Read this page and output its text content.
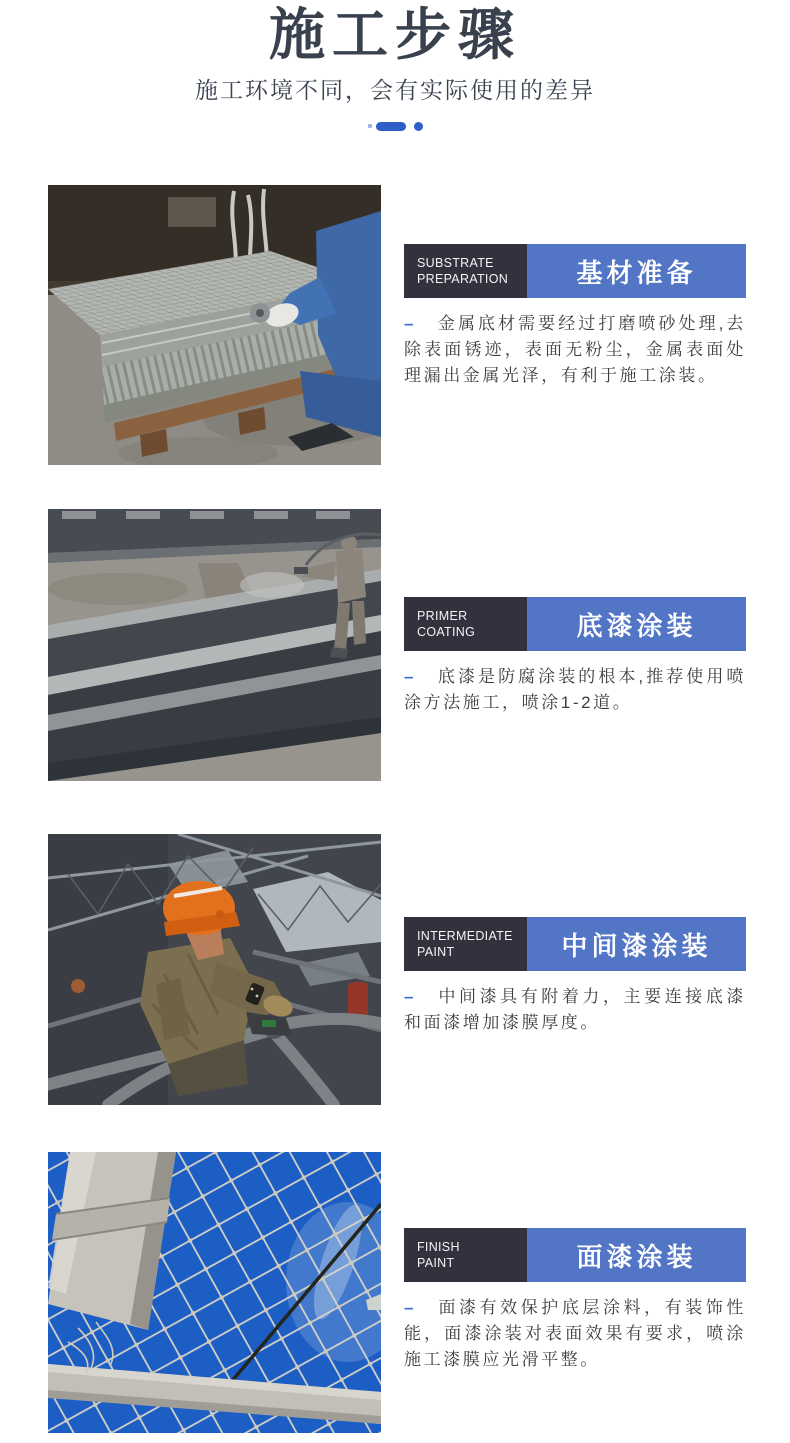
施工步骤
施工环境不同，会有实际使用的差异
SUBSTRATE
PREPARATION	基材准备

– 金属底材需要经过打磨喷砂处理,去除表面锈迹，表面无粉尘，金属表面处理漏出金属光泽，有利于施工涂装。

PRIMER
COATING	底漆涂装

– 底漆是防腐涂装的根本,推荐使用喷涂方法施工，喷涂1-2道。

INTERMEDIATE
PAINT	中间漆涂装

– 中间漆具有附着力，主要连接底漆和面漆增加漆膜厚度。

FINISH
PAINT	面漆涂装

– 面漆有效保护底层涂料，有装饰性能，面漆涂装对表面效果有要求，喷涂施工漆膜应光滑平整。
